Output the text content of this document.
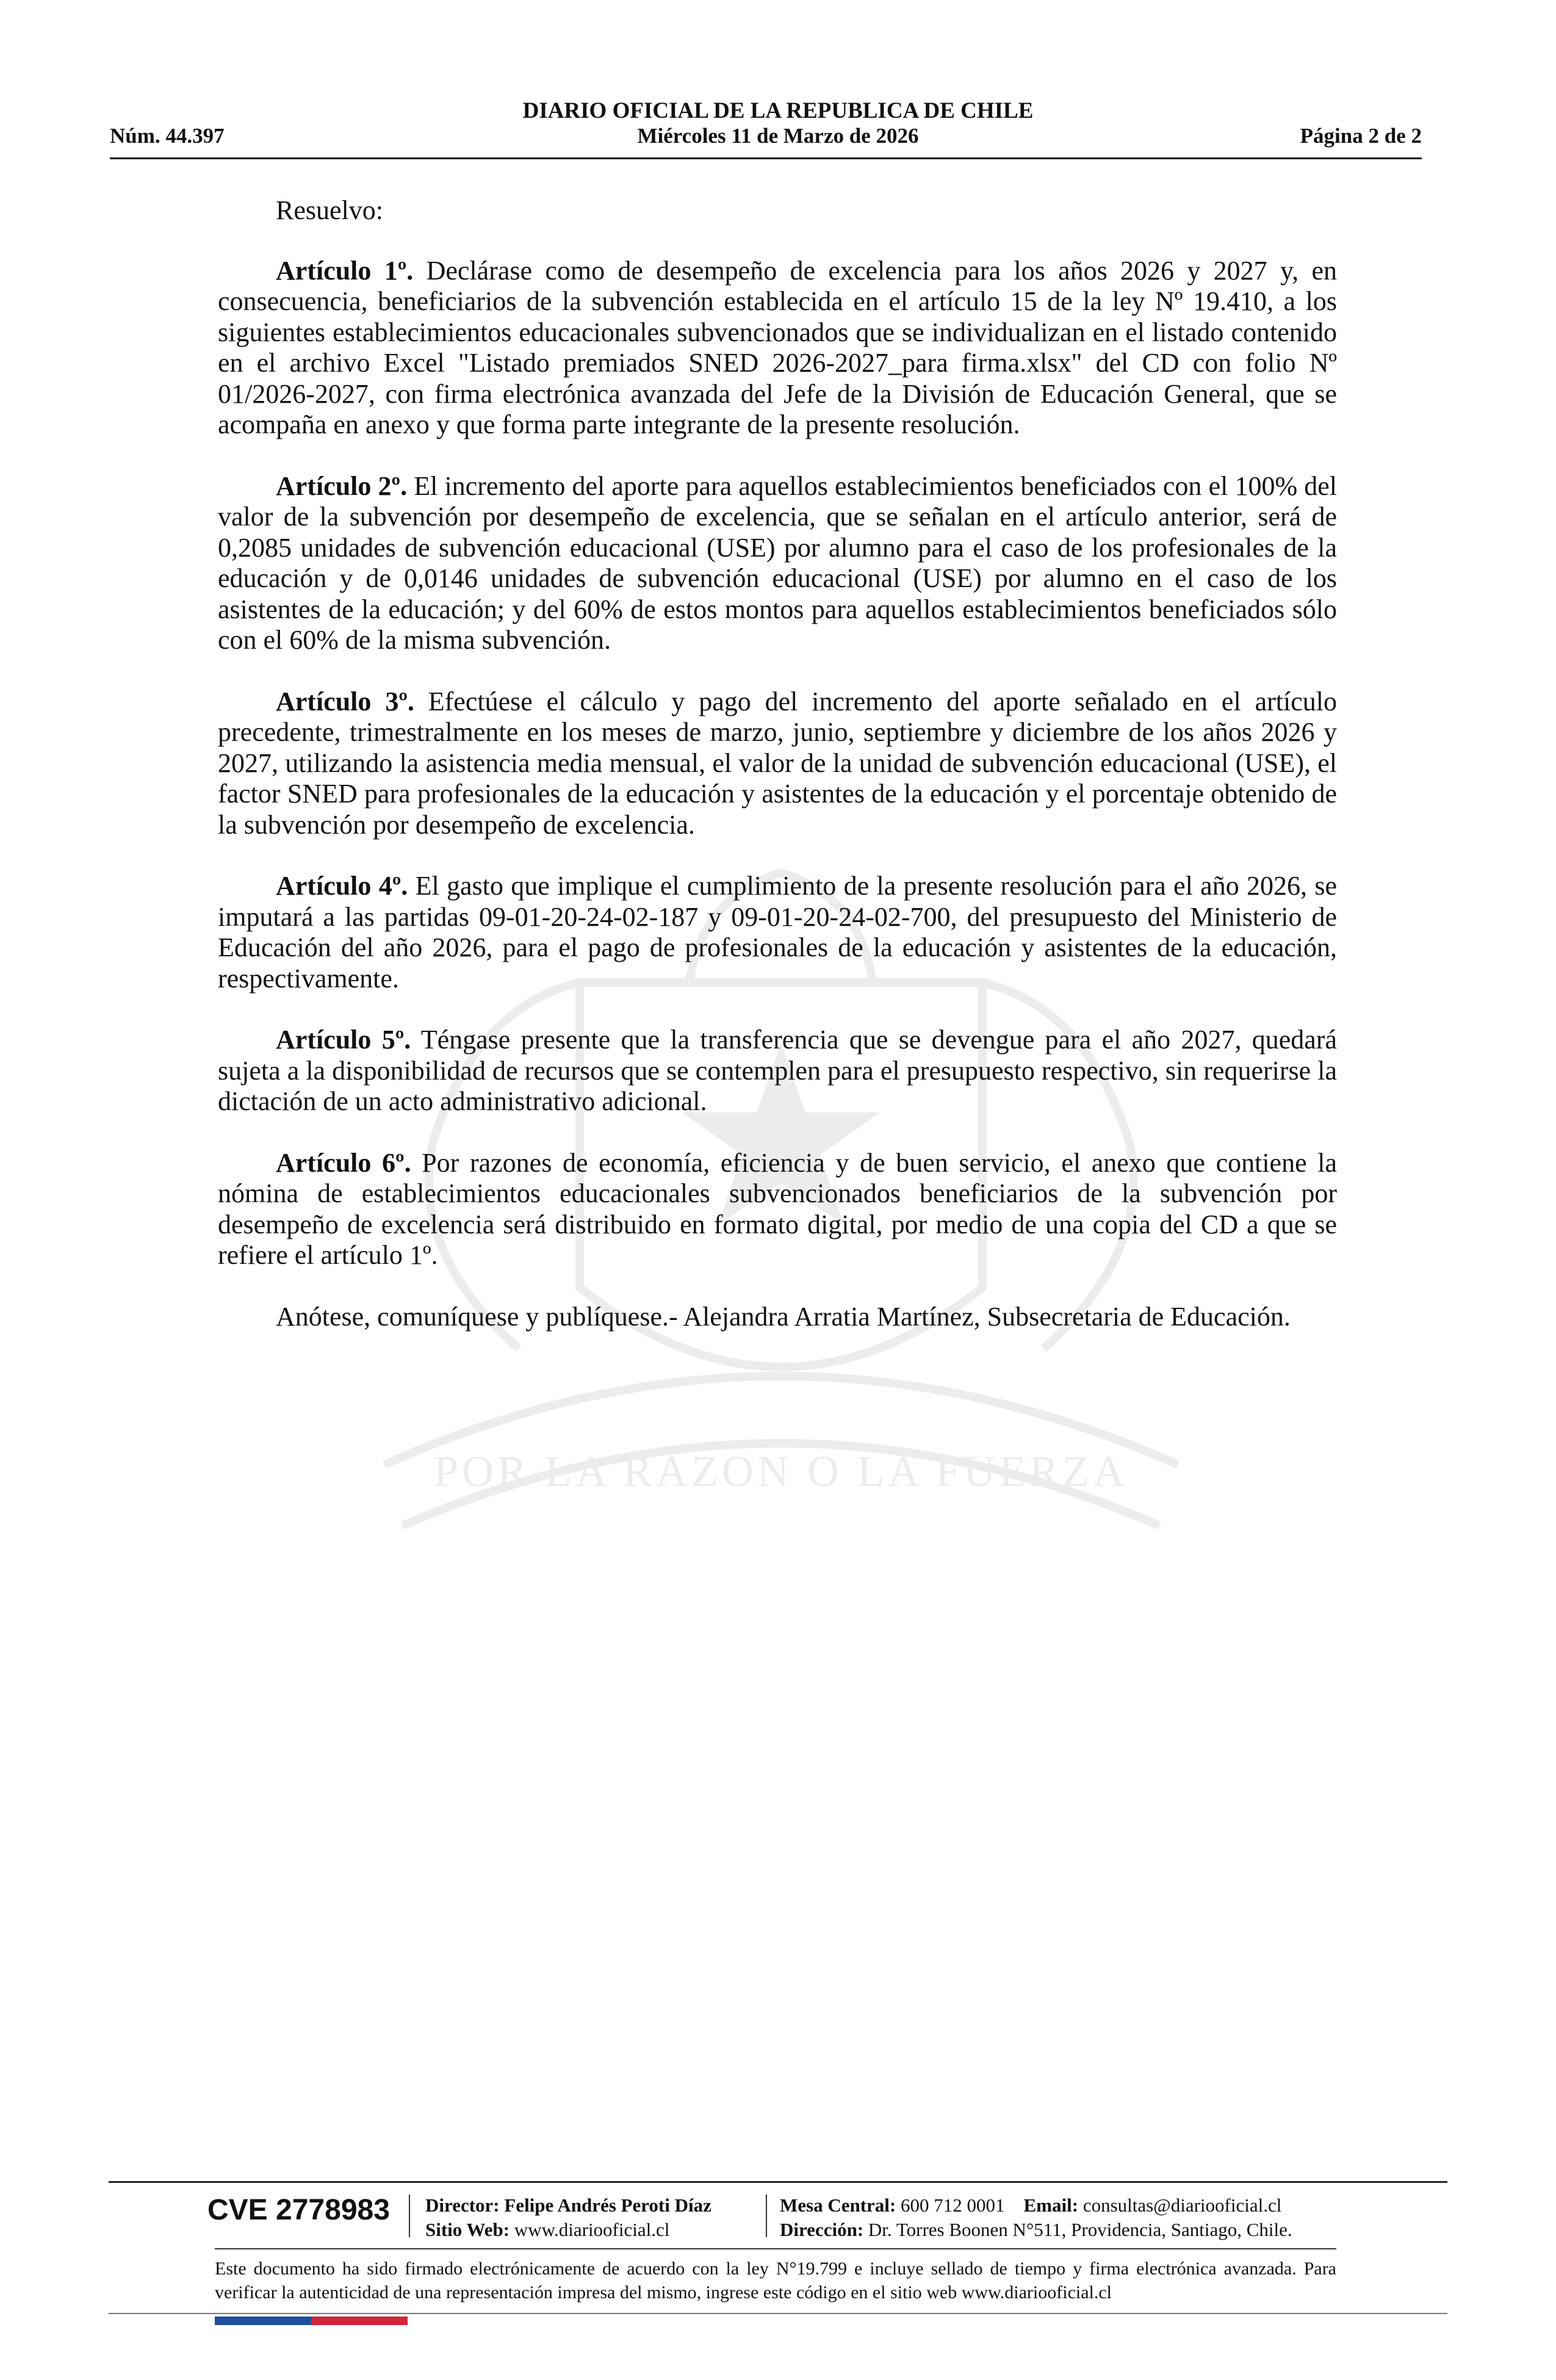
POR LA RAZON O LA FUERZA
DIARIO OFICIAL DE LA REPUBLICA DE CHILE
Núm. 44.397	Miércoles 11 de Marzo de 2026	Página 2 de 2

Resuelvo:

Artículo 1º. Declárase como de desempeño de excelencia para los años 2026 y 2027 y, en consecuencia, beneficiarios de la subvención establecida en el artículo 15 de la ley Nº 19.410, a los siguientes establecimientos educacionales subvencionados que se individualizan en el listado contenido en el archivo Excel "Listado premiados SNED 2026-2027_para firma.xlsx" del CD con folio Nº 01/2026-2027, con firma electrónica avanzada del Jefe de la División de Educación General, que se acompaña en anexo y que forma parte integrante de la presente resolución.

Artículo 2º. El incremento del aporte para aquellos establecimientos beneficiados con el 100% del valor de la subvención por desempeño de excelencia, que se señalan en el artículo anterior, será de 0,2085 unidades de subvención educacional (USE) por alumno para el caso de los profesionales de la educación y de 0,0146 unidades de subvención educacional (USE) por alumno en el caso de los asistentes de la educación; y del 60% de estos montos para aquellos establecimientos beneficiados sólo con el 60% de la misma subvención.

Artículo 3º. Efectúese el cálculo y pago del incremento del aporte señalado en el artículo precedente, trimestralmente en los meses de marzo, junio, septiembre y diciembre de los años 2026 y 2027, utilizando la asistencia media mensual, el valor de la unidad de subvención educacional (USE), el factor SNED para profesionales de la educación y asistentes de la educación y el porcentaje obtenido de la subvención por desempeño de excelencia.

Artículo 4º. El gasto que implique el cumplimiento de la presente resolución para el año 2026, se imputará a las partidas 09-01-20-24-02-187 y 09-01-20-24-02-700, del presupuesto del Ministerio de Educación del año 2026, para el pago de profesionales de la educación y asistentes de la educación, respectivamente.

Artículo 5º. Téngase presente que la transferencia que se devengue para el año 2027, quedará sujeta a la disponibilidad de recursos que se contemplen para el presupuesto respectivo, sin requerirse la dictación de un acto administrativo adicional.

Artículo 6º. Por razones de economía, eficiencia y de buen servicio, el anexo que contiene la nómina de establecimientos educacionales subvencionados beneficiarios de la subvención por desempeño de excelencia será distribuido en formato digital, por medio de una copia del CD a que se refiere el artículo 1º.

Anótese, comuníquese y publíquese.- Alejandra Arratia Martínez, Subsecretaria de Educación.

CVE 2778983 Director: Felipe Andrés Peroti Díaz
Sitio Web: www.diariooficial.cl
Mesa Central: 600 712 0001 Email: consultas@diariooficial.cl
Dirección: Dr. Torres Boonen N°511, Providencia, Santiago, Chile.
Este documento ha sido firmado electrónicamente de acuerdo con la ley N°19.799 e incluye sellado de tiempo y firma electrónica avanzada. Para verificar la autenticidad de una representación impresa del mismo, ingrese este código en el sitio web www.diariooficial.cl
